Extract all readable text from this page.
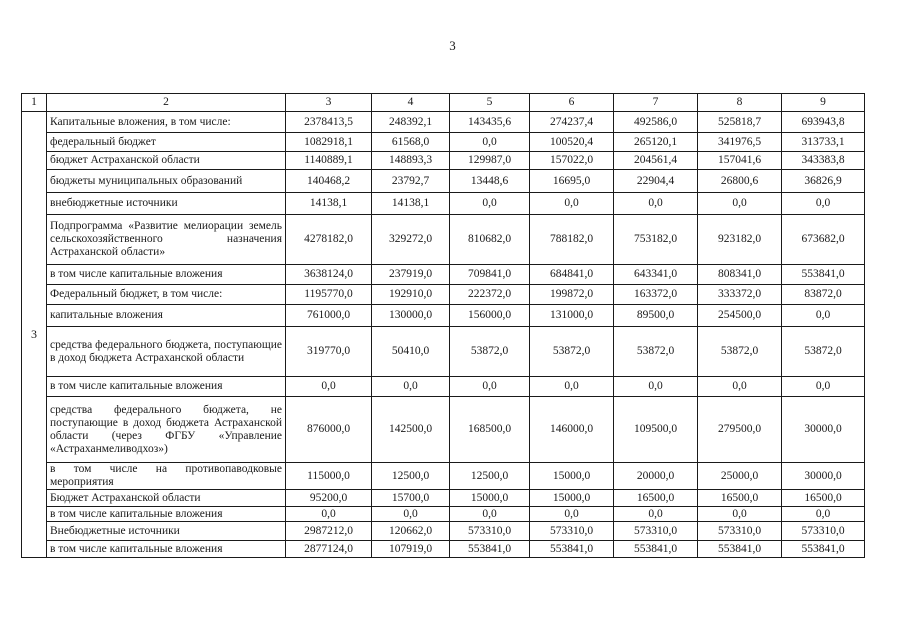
3
1	2	3	4	5	6	7	8	9
3	Капитальные вложения, в том числе:	2378413,5	248392,1	143435,6	274237,4	492586,0	525818,7	693943,8
	федеральный бюджет	1082918,1	61568,0	0,0	100520,4	265120,1	341976,5	313733,1
	бюджет Астраханской области	1140889,1	148893,3	129987,0	157022,0	204561,4	157041,6	343383,8
	бюджеты муниципальных образований	140468,2	23792,7	13448,6	16695,0	22904,4	26800,6	36826,9
	внебюджетные источники	14138,1	14138,1	0,0	0,0	0,0	0,0	0,0
	Подпрограмма «Развитие мелиорации земель сельскохозяйственного назначения Астраханской области»	4278182,0	329272,0	810682,0	788182,0	753182,0	923182,0	673682,0
	в том числе капитальные вложения	3638124,0	237919,0	709841,0	684841,0	643341,0	808341,0	553841,0
	Федеральный бюджет, в том числе:	1195770,0	192910,0	222372,0	199872,0	163372,0	333372,0	83872,0
	капитальные вложения	761000,0	130000,0	156000,0	131000,0	89500,0	254500,0	0,0
	средства федерального бюджета, поступающие в доход бюджета Астраханской области	319770,0	50410,0	53872,0	53872,0	53872,0	53872,0	53872,0
	в том числе капитальные вложения	0,0	0,0	0,0	0,0	0,0	0,0	0,0
	средства федерального бюджета, не поступающие в доход бюджета Астраханской области (через ФГБУ «Управление «Астраханмеливодхоз»)	876000,0	142500,0	168500,0	146000,0	109500,0	279500,0	30000,0
	в том числе на противопаводковые мероприятия	115000,0	12500,0	12500,0	15000,0	20000,0	25000,0	30000,0
	Бюджет Астраханской области	95200,0	15700,0	15000,0	15000,0	16500,0	16500,0	16500,0
	в том числе капитальные вложения	0,0	0,0	0,0	0,0	0,0	0,0	0,0
	Внебюджетные источники	2987212,0	120662,0	573310,0	573310,0	573310,0	573310,0	573310,0
	в том числе капитальные вложения	2877124,0	107919,0	553841,0	553841,0	553841,0	553841,0	553841,0
